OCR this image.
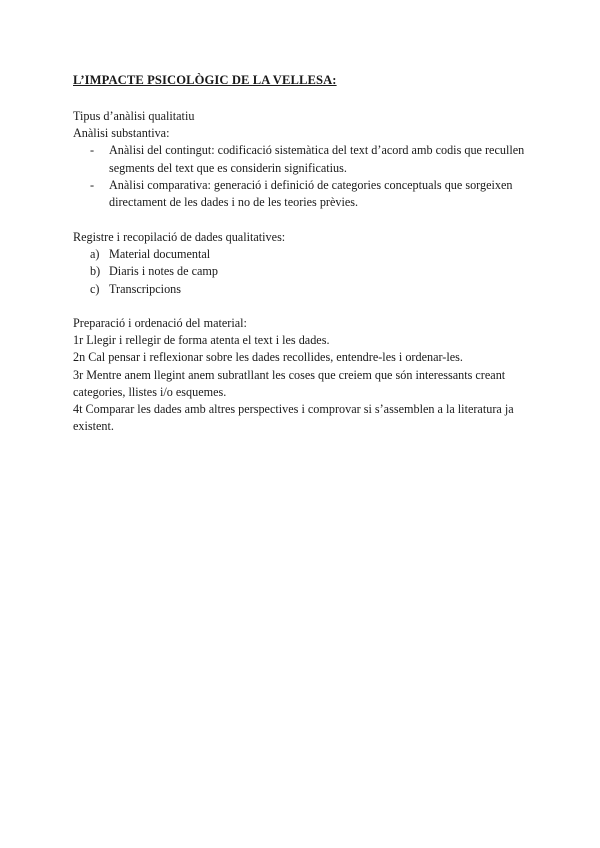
L’IMPACTE PSICOLÒGIC DE LA VELLESA:
Tipus d’anàlisi qualitatiu
Anàlisi substantiva:
- Anàlisi del contingut: codificació sistemàtica del text d’acord amb codis que recullen segments del text que es considerin significatius.
- Anàlisi comparativa: generació i definició de categories conceptuals que sorgeixen directament de les dades i no de les teories prèvies.
Registre i recopilació de dades qualitatives:
a) Material documental
b) Diaris i notes de camp
c) Transcripcions
Preparació i ordenació del material:
1r Llegir i rellegir de forma atenta el text i les dades.
2n Cal pensar i reflexionar sobre les dades recollides, entendre-les i ordenar-les.
3r Mentre anem llegint anem subratllant les coses que creiem que són interessants creant categories, llistes i/o esquemes.
4t Comparar les dades amb altres perspectives i comprovar si s’assemblen a la literatura ja existent.
